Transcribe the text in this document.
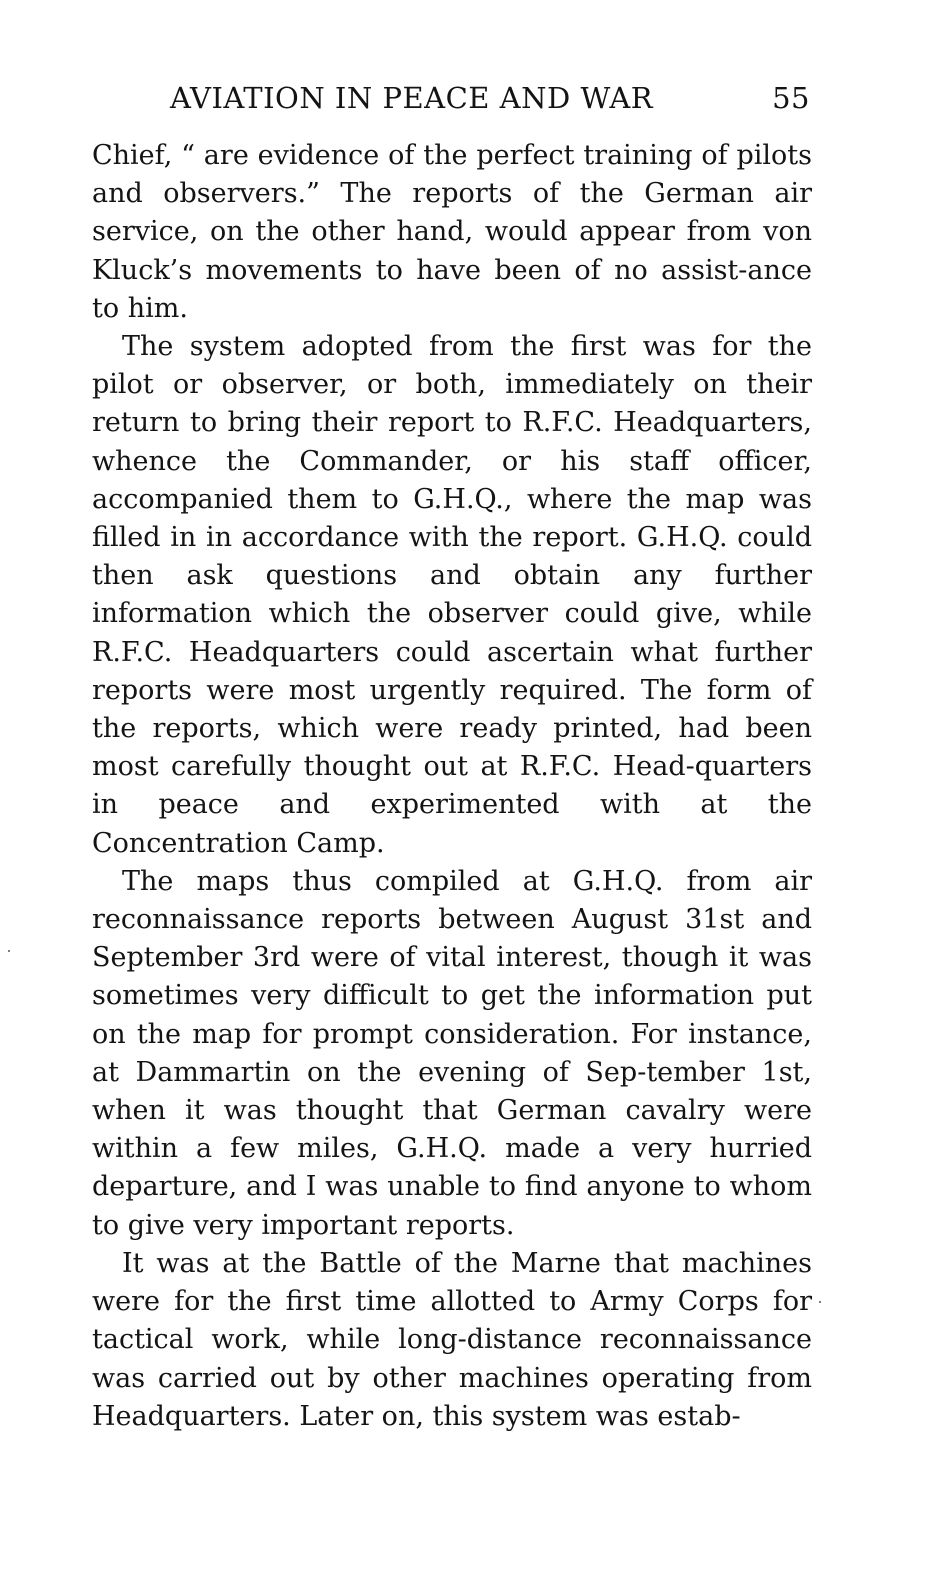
AVIATION IN PEACE AND WAR	55

Chief, “ are evidence of the perfect training of pilots and observers.” The reports of the German air service, on the other hand, would appear from von Kluck’s movements to have been of no assist-ance to him.

The system adopted from the first was for the pilot or observer, or both, immediately on their return to bring their report to R.F.C. Headquarters, whence the Commander, or his staff officer, accompanied them to G.H.Q., where the map was filled in in accordance with the report. G.H.Q. could then ask questions and obtain any further information which the observer could give, while R.F.C. Headquarters could ascertain what further reports were most urgently required. The form of the reports, which were ready printed, had been most carefully thought out at R.F.C. Head-quarters in peace and experimented with at the Concentration Camp.

The maps thus compiled at G.H.Q. from air reconnaissance reports between August 31st and September 3rd were of vital interest, though it was sometimes very difficult to get the information put on the map for prompt consideration. For instance, at Dammartin on the evening of Sep-tember 1st, when it was thought that German cavalry were within a few miles, G.H.Q. made a very hurried departure, and I was unable to find anyone to whom to give very important reports.

It was at the Battle of the Marne that machines were for the first time allotted to Army Corps for tactical work, while long-distance reconnaissance was carried out by other machines operating from Headquarters. Later on, this system was estab-
